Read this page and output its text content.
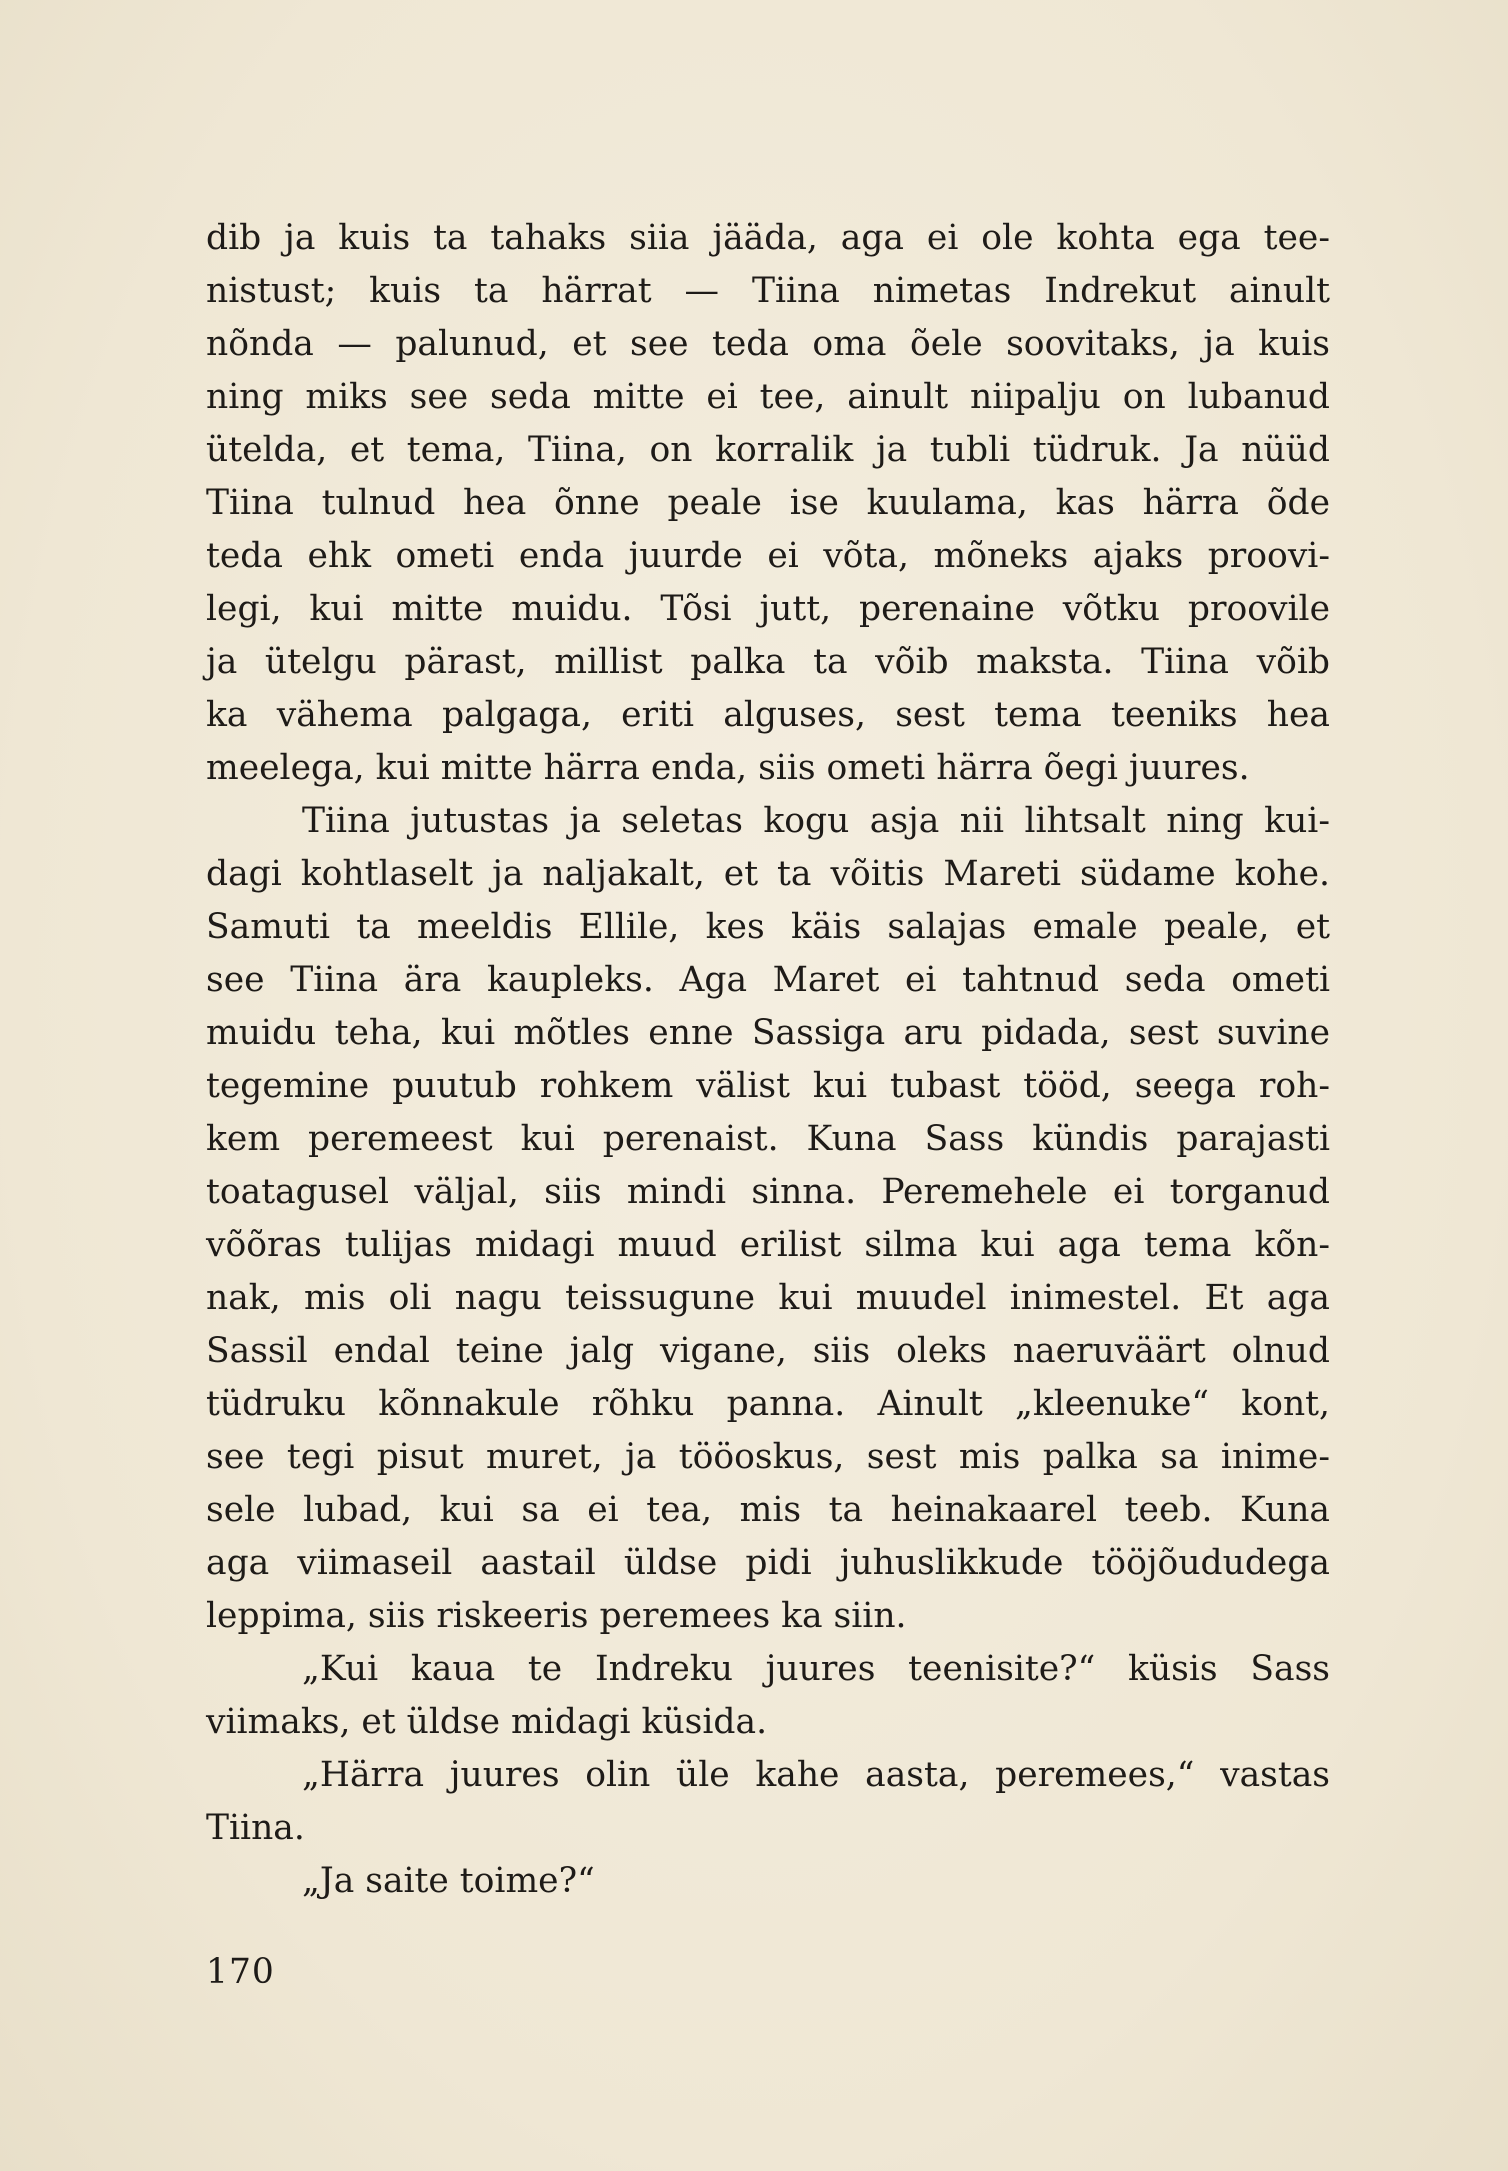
dib ja kuis ta tahaks siia jääda, aga ei ole kohta ega tee-
nistust; kuis ta härrat — Tiina nimetas Indrekut ainult
nõnda — palunud, et see teda oma õele soovitaks, ja kuis
ning miks see seda mitte ei tee, ainult niipalju on lubanud
ütelda, et tema, Tiina, on korralik ja tubli tüdruk. Ja nüüd
Tiina tulnud hea õnne peale ise kuulama, kas härra õde
teda ehk ometi enda juurde ei võta, mõneks ajaks proovi-
legi, kui mitte muidu. Tõsi jutt, perenaine võtku proovile
ja ütelgu pärast, millist palka ta võib maksta. Tiina võib
ka vähema palgaga, eriti alguses, sest tema teeniks hea
meelega, kui mitte härra enda, siis ometi härra õegi juures.
Tiina jutustas ja seletas kogu asja nii lihtsalt ning kui-
dagi kohtlaselt ja naljakalt, et ta võitis Mareti südame kohe.
Samuti ta meeldis Ellile, kes käis salajas emale peale, et
see Tiina ära kaupleks. Aga Maret ei tahtnud seda ometi
muidu teha, kui mõtles enne Sassiga aru pidada, sest suvine
tegemine puutub rohkem välist kui tubast tööd, seega roh-
kem peremeest kui perenaist. Kuna Sass kündis parajasti
toatagusel väljal, siis mindi sinna. Peremehele ei torganud
võõras tulijas midagi muud erilist silma kui aga tema kõn-
nak, mis oli nagu teissugune kui muudel inimestel. Et aga
Sassil endal teine jalg vigane, siis oleks naeruväärt olnud
tüdruku kõnnakule rõhku panna. Ainult „kleenuke“ kont,
see tegi pisut muret, ja tööoskus, sest mis palka sa inime-
sele lubad, kui sa ei tea, mis ta heinakaarel teeb. Kuna
aga viimaseil aastail üldse pidi juhuslikkude tööjõududega
leppima, siis riskeeris peremees ka siin.
„Kui kaua te Indreku juures teenisite?“ küsis Sass
viimaks, et üldse midagi küsida.
„Härra juures olin üle kahe aasta, peremees,“ vastas
Tiina.
„Ja saite toime?“
170
